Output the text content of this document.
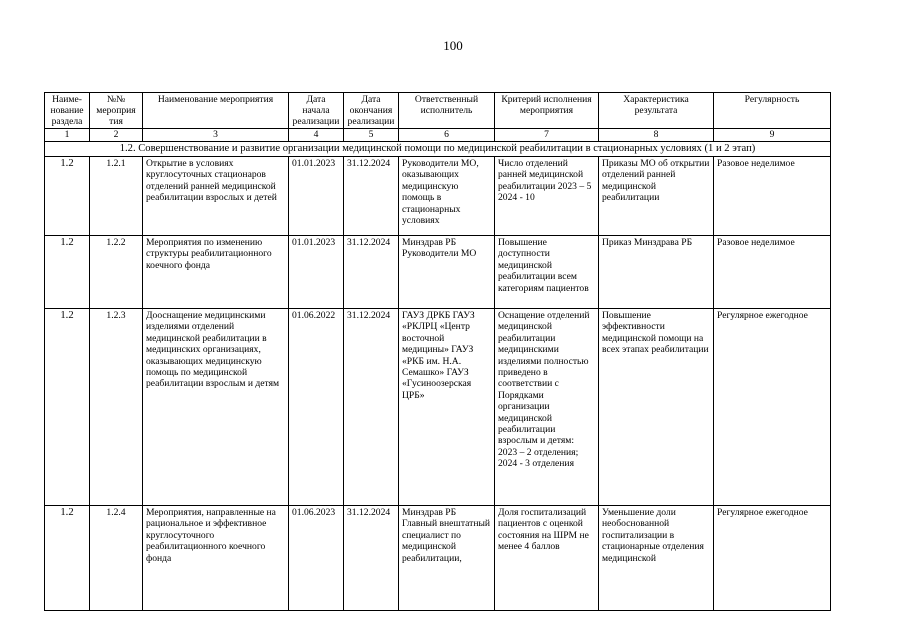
100
Наиме-нование раздела	№№ мероприя тия	Наименование мероприятия	Дата начала реализации	Дата окончания реализации	Ответственный исполнитель	Критерий исполнения мероприятия	Характеристика результата	Регулярность
1	2	3	4	5	6	7	8	9
1.2. Совершенствование и развитие организации медицинской помощи по медицинской реабилитации в стационарных условиях (1 и 2 этап)								
1.2	1.2.1	Открытие в условиях круглосуточных стационаров отделений ранней медицинской реабилитации взрослых и детей	01.01.2023	31.12.2024	Руководители МО, оказывающих медицинскую помощь в стационарных условиях	Число отделений ранней медицинской реабилитации 2023 – 5 2024 - 10	Приказы МО об открытии отделений ранней медицинской реабилитации	Разовое неделимое
1.2	1.2.2	Мероприятия по изменению структуры реабилитационного коечного фонда	01.01.2023	31.12.2024	Минздрав РБ Руководители МО	Повышение доступности медицинской реабилитации всем категориям пациентов	Приказ Минздрава РБ	Разовое неделимое
1.2	1.2.3	Дооснащение медицинскими изделиями отделений медицинской реабилитации в медицинских организациях, оказывающих медицинскую помощь по медицинской реабилитации взрослым и детям	01.06.2022	31.12.2024	ГАУЗ ДРКБ ГАУЗ «РКЛРЦ «Центр восточной медицины» ГАУЗ «РКБ им. Н.А. Семашко» ГАУЗ «Гусиноозерская ЦРБ»	Оснащение отделений медицинской реабилитации медицинскими изделиями полностью приведено в соответствии с Порядками организации медицинской реабилитации взрослым и детям: 2023 – 2 отделения; 2024 - 3 отделения	Повышение эффективности медицинской помощи на всех этапах реабилитации	Регулярное ежегодное
1.2	1.2.4	Мероприятия, направленные на рациональное и эффективное круглосуточного реабилитационного коечного фонда	01.06.2023	31.12.2024	Минздрав РБ Главный внештатный специалист по медицинской реабилитации,	Доля госпитализаций пациентов с оценкой состояния на ШРМ не менее 4 баллов	Уменьшение доли необоснованной госпитализации в стационарные отделения медицинской	Регулярное ежегодное
